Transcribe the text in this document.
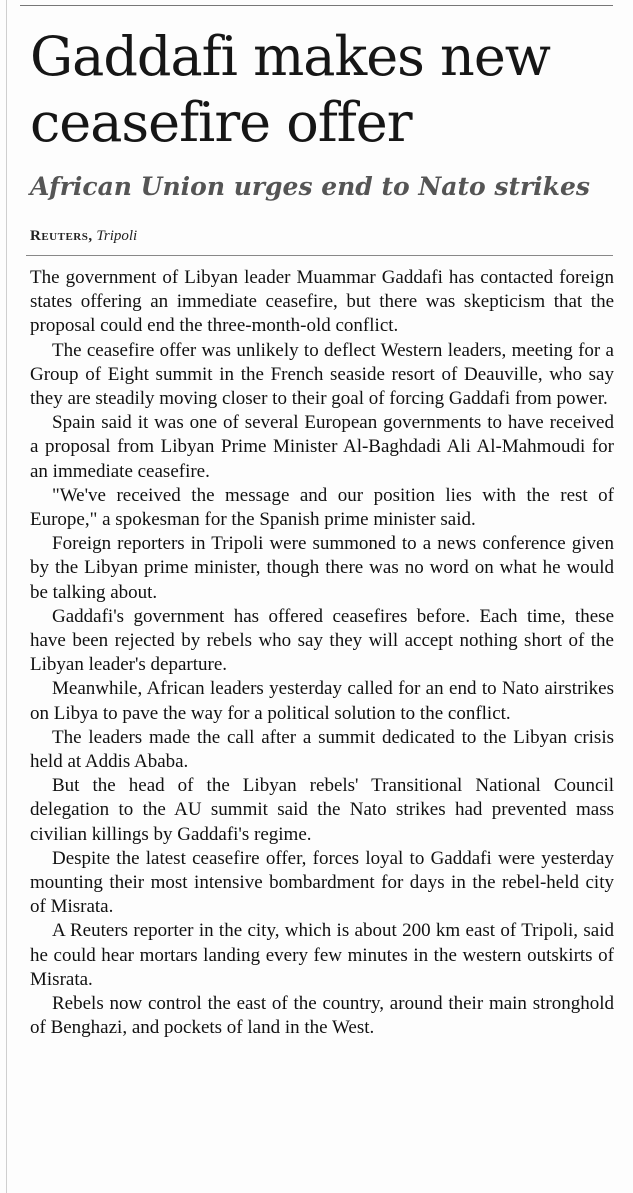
Gaddafi makes new ceasefire offer
African Union urges end to Nato strikes
Reuters, Tripoli

The government of Libyan leader Muammar Gaddafi has contacted foreign states offering an immediate ceasefire, but there was skepticism that the proposal could end the three-month-old conflict.

The ceasefire offer was unlikely to deflect Western leaders, meeting for a Group of Eight summit in the French seaside resort of Deauville, who say they are steadily moving closer to their goal of forcing Gaddafi from power.

Spain said it was one of several European governments to have received a proposal from Libyan Prime Minister Al-Baghdadi Ali Al-Mahmoudi for an immediate ceasefire.

"We've received the message and our position lies with the rest of Europe," a spokesman for the Spanish prime minister said.

Foreign reporters in Tripoli were summoned to a news conference given by the Libyan prime minister, though there was no word on what he would be talking about.

Gaddafi's government has offered ceasefires before. Each time, these have been rejected by rebels who say they will accept nothing short of the Libyan leader's departure.

Meanwhile, African leaders yesterday called for an end to Nato airstrikes on Libya to pave the way for a political solution to the conflict.

The leaders made the call after a summit dedicated to the Libyan crisis held at Addis Ababa.

But the head of the Libyan rebels' Transitional National Council delegation to the AU summit said the Nato strikes had prevented mass civilian killings by Gaddafi's regime.

Despite the latest ceasefire offer, forces loyal to Gaddafi were yesterday mounting their most intensive bombardment for days in the rebel-held city of Misrata.

A Reuters reporter in the city, which is about 200 km east of Tripoli, said he could hear mortars landing every few minutes in the western outskirts of Misrata.

Rebels now control the east of the country, around their main stronghold of Benghazi, and pockets of land in the West.
